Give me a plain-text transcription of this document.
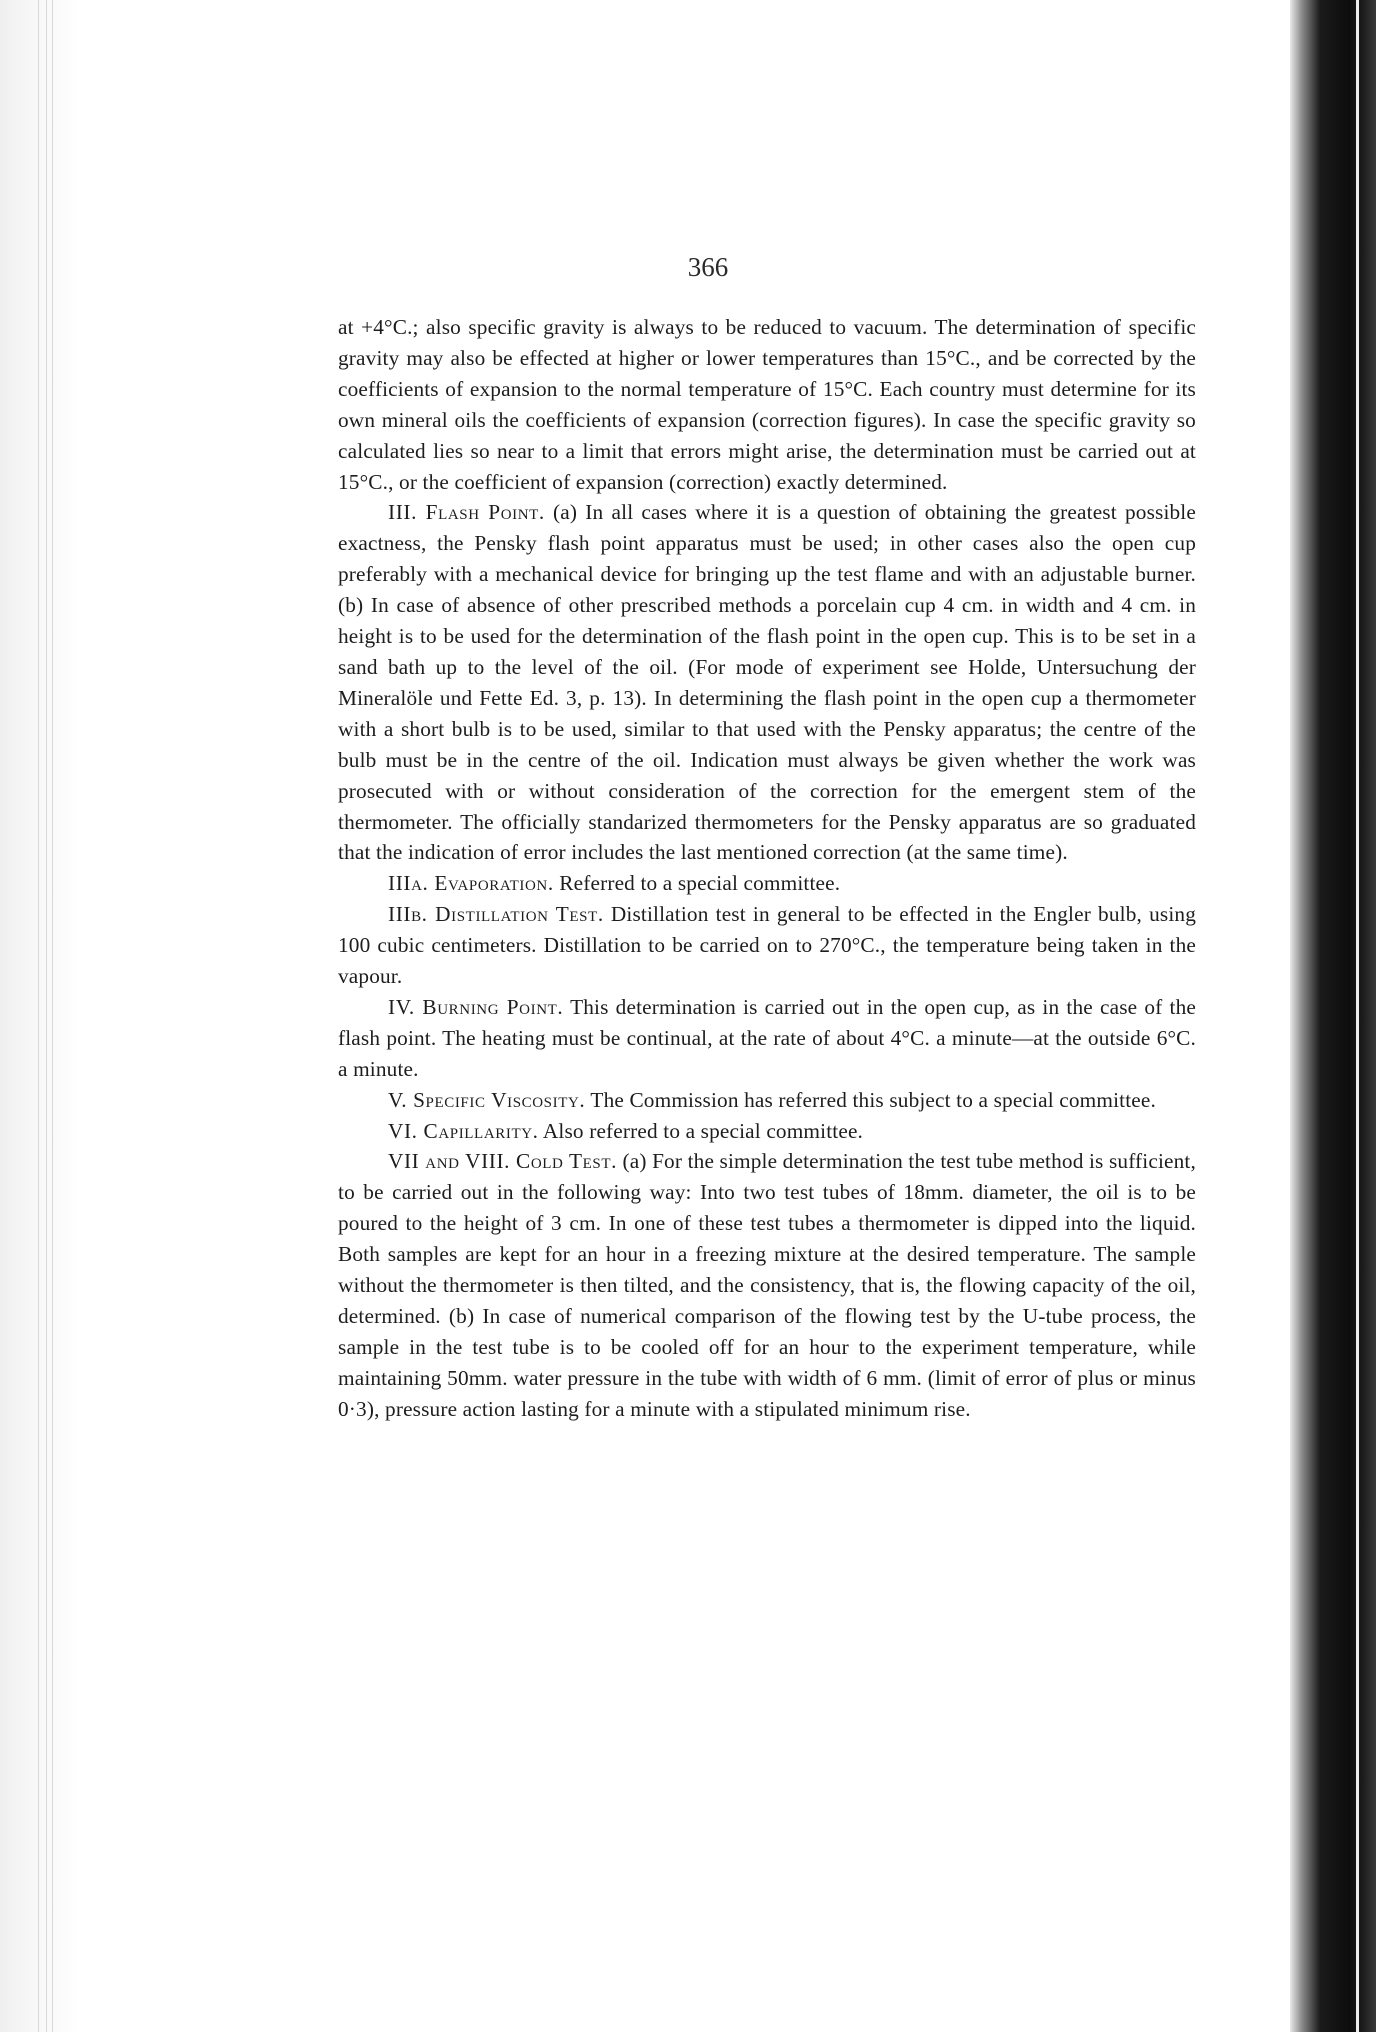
366

at +4°C.; also specific gravity is always to be reduced to vacuum. The determination of specific gravity may also be effected at higher or lower temperatures than 15°C., and be corrected by the coefficients of expansion to the normal temperature of 15°C. Each country must determine for its own mineral oils the coefficients of expansion (correction figures). In case the specific gravity so calculated lies so near to a limit that errors might arise, the determination must be carried out at 15°C., or the coefficient of expansion (correction) exactly determined.

III. Flash Point. (a) In all cases where it is a question of obtaining the greatest possible exactness, the Pensky flash point apparatus must be used; in other cases also the open cup preferably with a mechanical device for bringing up the test flame and with an adjustable burner. (b) In case of absence of other prescribed methods a porcelain cup 4 cm. in width and 4 cm. in height is to be used for the determination of the flash point in the open cup. This is to be set in a sand bath up to the level of the oil. (For mode of experiment see Holde, Untersuchung der Mineralöle und Fette Ed. 3, p. 13). In determining the flash point in the open cup a thermometer with a short bulb is to be used, similar to that used with the Pensky apparatus; the centre of the bulb must be in the centre of the oil. Indication must always be given whether the work was prosecuted with or without consideration of the correction for the emergent stem of the thermometer. The officially standarized thermometers for the Pensky apparatus are so graduated that the indication of error includes the last mentioned correction (at the same time).

IIIa. Evaporation. Referred to a special committee.

IIIb. Distillation Test. Distillation test in general to be effected in the Engler bulb, using 100 cubic centimeters. Distillation to be carried on to 270°C., the temperature being taken in the vapour.

IV. Burning Point. This determination is carried out in the open cup, as in the case of the flash point. The heating must be continual, at the rate of about 4°C. a minute—at the outside 6°C. a minute.

V. Specific Viscosity. The Commission has referred this subject to a special committee.

VI. Capillarity. Also referred to a special committee.

VII and VIII. Cold Test. (a) For the simple determination the test tube method is sufficient, to be carried out in the following way: Into two test tubes of 18mm. diameter, the oil is to be poured to the height of 3 cm. In one of these test tubes a thermometer is dipped into the liquid. Both samples are kept for an hour in a freezing mixture at the desired temperature. The sample without the thermometer is then tilted, and the consistency, that is, the flowing capacity of the oil, determined. (b) In case of numerical comparison of the flowing test by the U-tube process, the sample in the test tube is to be cooled off for an hour to the experiment temperature, while maintaining 50mm. water pressure in the tube with width of 6 mm. (limit of error of plus or minus 0·3), pressure action lasting for a minute with a stipulated minimum rise.
